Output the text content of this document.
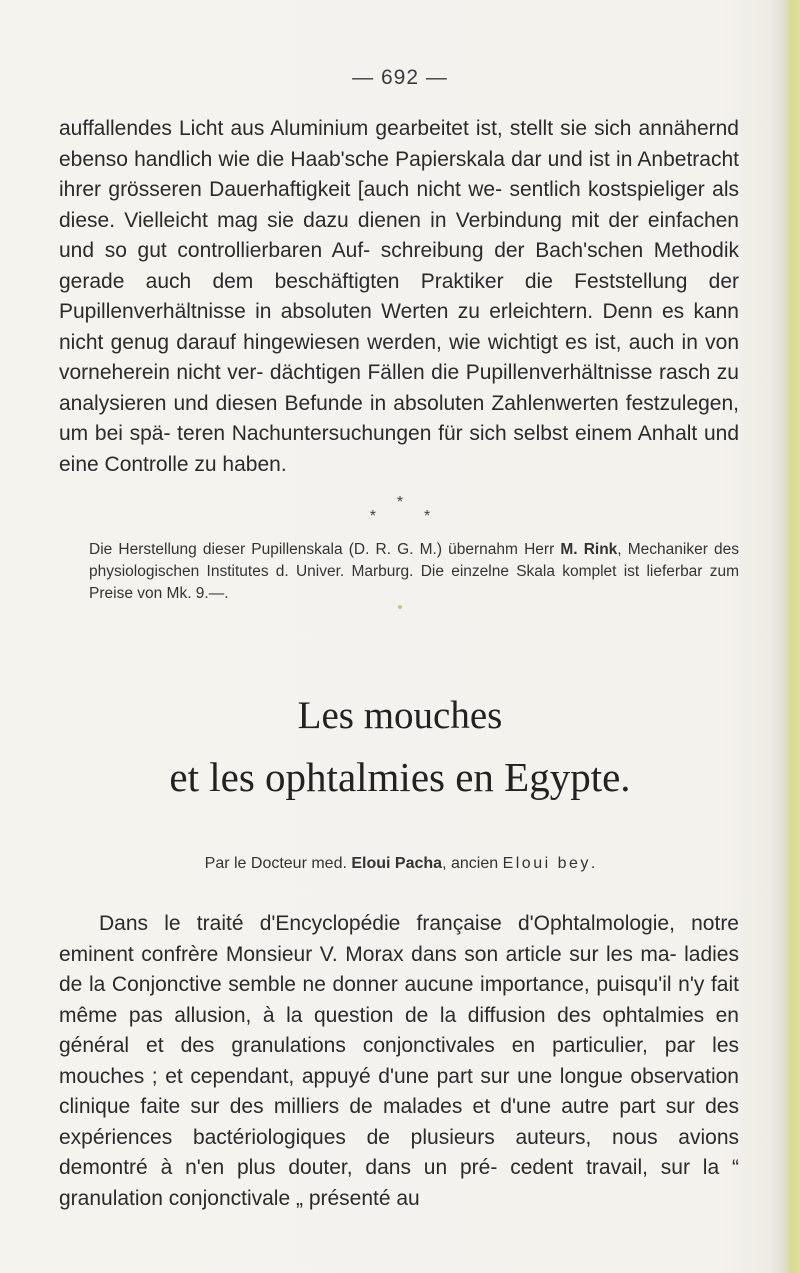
— 692 —

auffallendes Licht aus Aluminium gearbeitet ist, stellt sie sich annähernd ebenso handlich wie die Haab'sche Papierskala dar und ist in Anbetracht ihrer grösseren Dauerhaftigkeit [auch nicht we- sentlich kostspieliger als diese. Vielleicht mag sie dazu dienen in Verbindung mit der einfachen und so gut controllierbaren Auf- schreibung der Bach'schen Methodik gerade auch dem beschäftigten Praktiker die Feststellung der Pupillenverhältnisse in absoluten Werten zu erleichtern. Denn es kann nicht genug darauf hingewiesen werden, wie wichtigt es ist, auch in von vorneherein nicht ver- dächtigen Fällen die Pupillenverhältnisse rasch zu analysieren und diesen Befunde in absoluten Zahlenwerten festzulegen, um bei spä- teren Nachuntersuchungen für sich selbst einem Anhalt und eine Controlle zu haben.

*
*	*

Die Herstellung dieser Pupillenskala (D. R. G. M.) übernahm Herr M. Rink, Mechaniker des physiologischen Institutes d. Univer. Marburg. Die einzelne Skala komplet ist lieferbar zum Preise von Mk. 9.—.

Les mouches
et les ophtalmies en Egypte.
Par le Docteur med. Eloui Pacha, ancien Eloui bey.

Dans le traité d'Encyclopédie française d'Ophtalmologie, notre eminent confrère Monsieur V. Morax dans son article sur les ma- ladies de la Conjonctive semble ne donner aucune importance, puisqu'il n'y fait même pas allusion, à la question de la diffusion des ophtalmies en général et des granulations conjonctivales en particulier, par les mouches ; et cependant, appuyé d'une part sur une longue observation clinique faite sur des milliers de malades et d'une autre part sur des expériences bactériologiques de plusieurs auteurs, nous avions demontré à n'en plus douter, dans un pré- cedent travail, sur la “ granulation conjonctivale „ présenté au
